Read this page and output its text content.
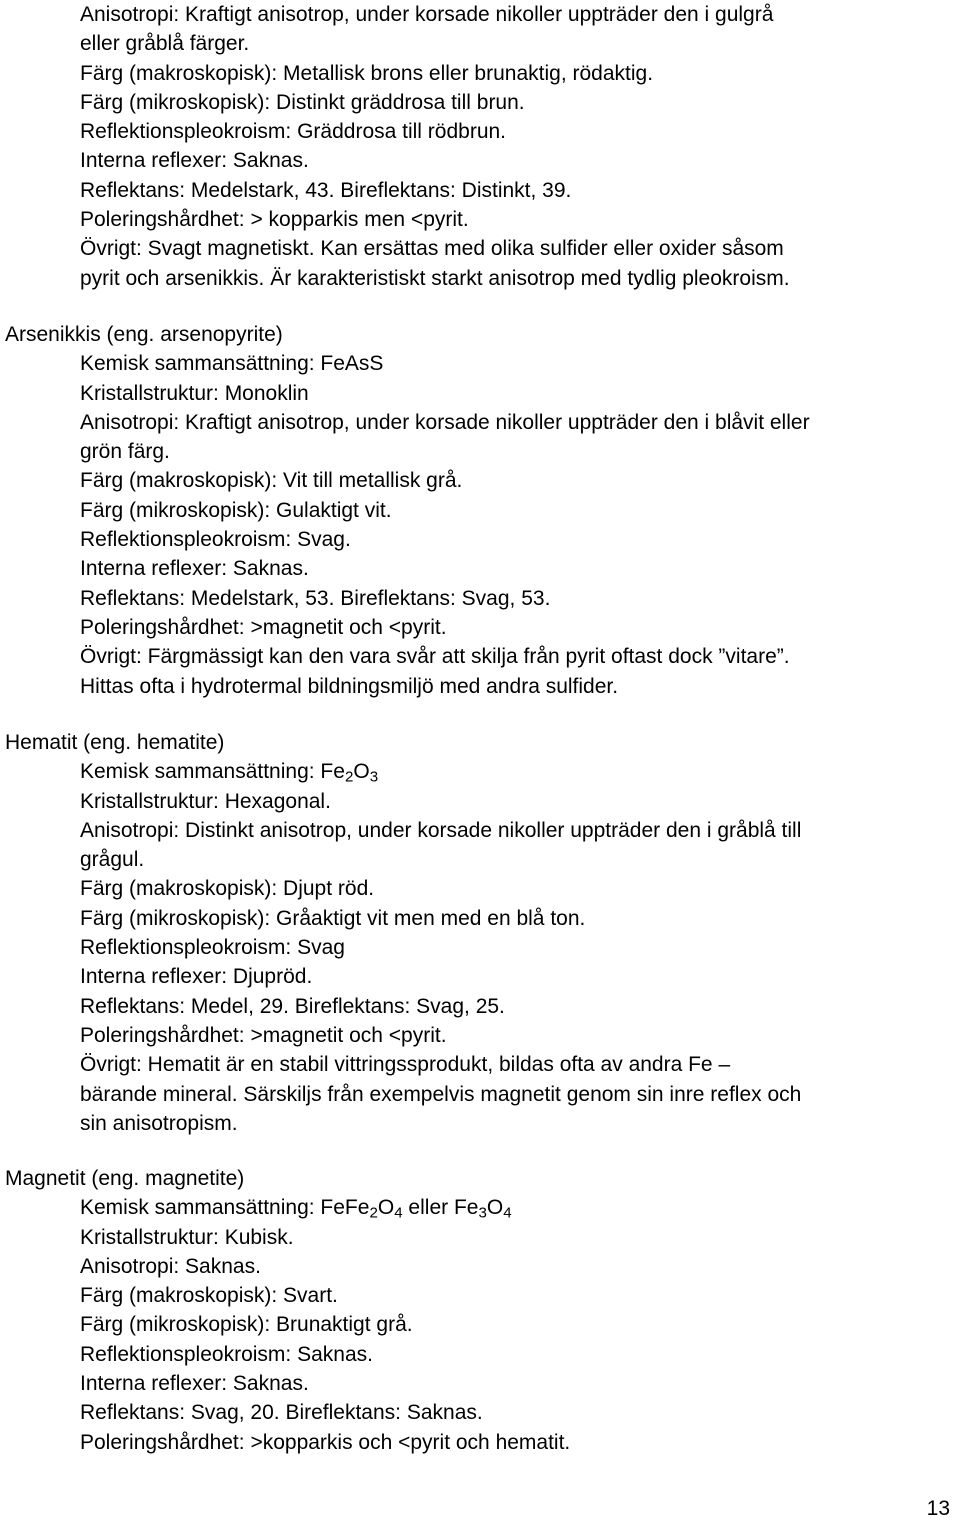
Anisotropi: Kraftigt anisotrop, under korsade nikoller uppträder den i gulgrå

eller gråblå färger.

Färg (makroskopisk): Metallisk brons eller brunaktig, rödaktig.

Färg (mikroskopisk): Distinkt gräddrosa till brun.

Reflektionspleokroism: Gräddrosa till rödbrun.

Interna reflexer: Saknas.

Reflektans: Medelstark, 43. Bireflektans: Distinkt, 39.

Poleringshårdhet: > kopparkis men <pyrit.

Övrigt: Svagt magnetiskt. Kan ersättas med olika sulfider eller oxider såsom

pyrit och arsenikkis. Är karakteristiskt starkt anisotrop med tydlig pleokroism.

Arsenikkis (eng. arsenopyrite)

Kemisk sammansättning: FeAsS

Kristallstruktur: Monoklin

Anisotropi: Kraftigt anisotrop, under korsade nikoller uppträder den i blåvit eller

grön färg.

Färg (makroskopisk): Vit till metallisk grå.

Färg (mikroskopisk): Gulaktigt vit.

Reflektionspleokroism: Svag.

Interna reflexer: Saknas.

Reflektans: Medelstark, 53. Bireflektans: Svag, 53.

Poleringshårdhet: >magnetit och <pyrit.

Övrigt: Färgmässigt kan den vara svår att skilja från pyrit oftast dock ”vitare”.

Hittas ofta i hydrotermal bildningsmiljö med andra sulfider.

Hematit (eng. hematite)

Kemisk sammansättning: $Fe_2O_3$

Kristallstruktur: Hexagonal.

Anisotropi: Distinkt anisotrop, under korsade nikoller uppträder den i gråblå till

grågul.

Färg (makroskopisk): Djupt röd.

Färg (mikroskopisk): Gråaktigt vit men med en blå ton.

Reflektionspleokroism: Svag

Interna reflexer: Djupröd.

Reflektans: Medel, 29. Bireflektans: Svag, 25.

Poleringshårdhet: >magnetit och <pyrit.

Övrigt: Hematit är en stabil vittringssprodukt, bildas ofta av andra Fe –

bärande mineral. Särskiljs från exempelvis magnetit genom sin inre reflex och

sin anisotropism.

Magnetit (eng. magnetite)

Kemisk sammansättning: $FeFe_2O_4$ eller $Fe_3O_4$

Kristallstruktur: Kubisk.

Anisotropi: Saknas.

Färg (makroskopisk): Svart.

Färg (mikroskopisk): Brunaktigt grå.

Reflektionspleokroism: Saknas.

Interna reflexer: Saknas.

Reflektans: Svag, 20. Bireflektans: Saknas.

Poleringshårdhet: >kopparkis och <pyrit och hematit.

13
